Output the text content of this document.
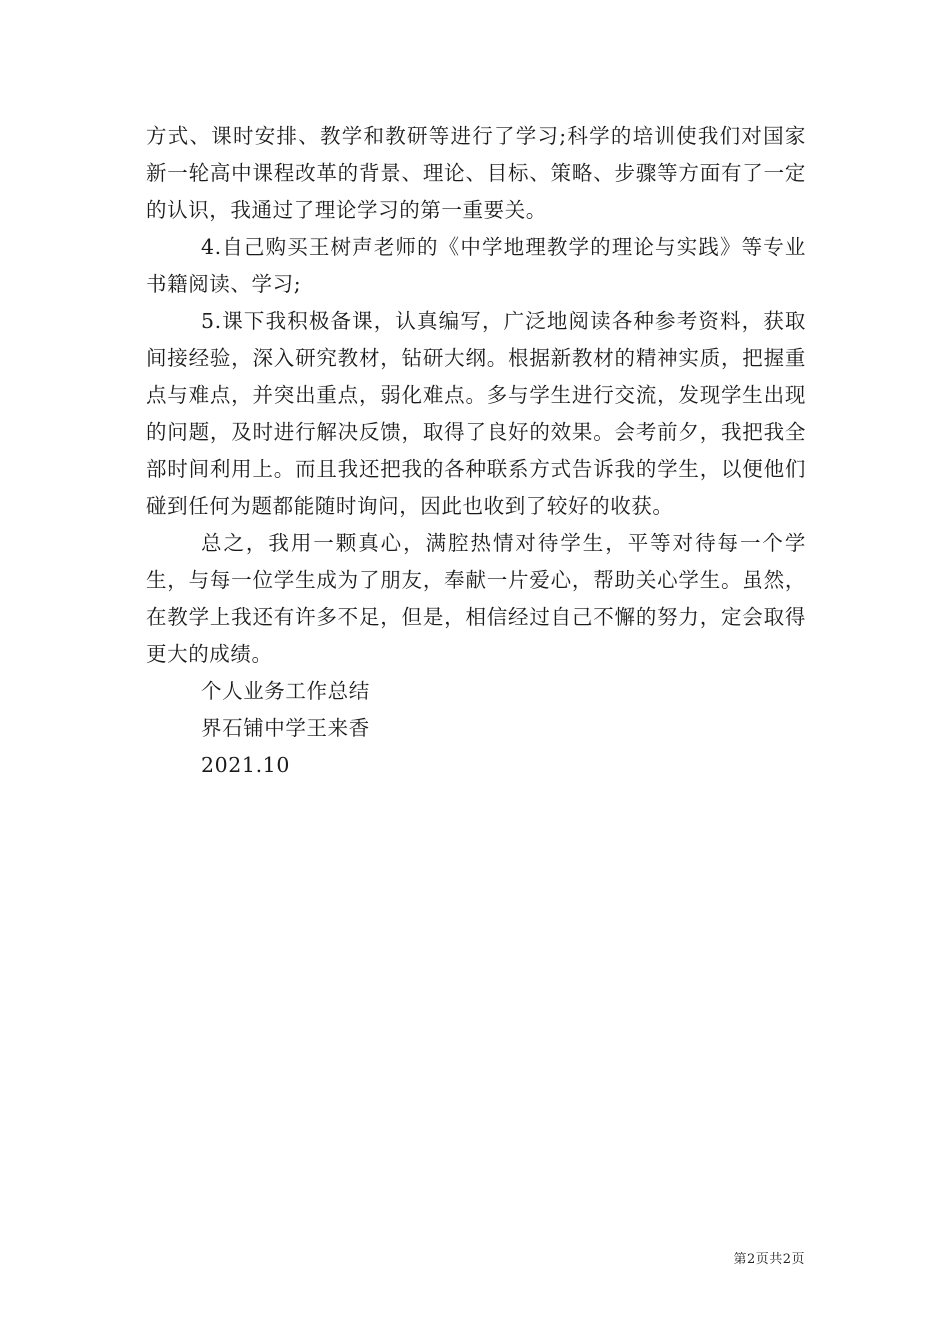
方式、课时安排、教学和教研等进行了学习;科学的培训使我们对国家新一轮高中课程改革的背景、理论、目标、策略、步骤等方面有了一定的认识，我通过了理论学习的第一重要关。

4.自己购买王树声老师的《中学地理教学的理论与实践》等专业书籍阅读、学习;

5.课下我积极备课，认真编写，广泛地阅读各种参考资料，获取间接经验，深入研究教材，钻研大纲。根据新教材的精神实质，把握重点与难点，并突出重点，弱化难点。多与学生进行交流，发现学生出现的问题，及时进行解决反馈，取得了良好的效果。会考前夕，我把我全部时间利用上。而且我还把我的各种联系方式告诉我的学生，以便他们碰到任何为题都能随时询问，因此也收到了较好的收获。

总之，我用一颗真心，满腔热情对待学生，平等对待每一个学生，与每一位学生成为了朋友，奉献一片爱心，帮助关心学生。虽然，在教学上我还有许多不足，但是，相信经过自己不懈的努力，定会取得更大的成绩。

个人业务工作总结

界石铺中学王来香

2021.10

第2页共2页
